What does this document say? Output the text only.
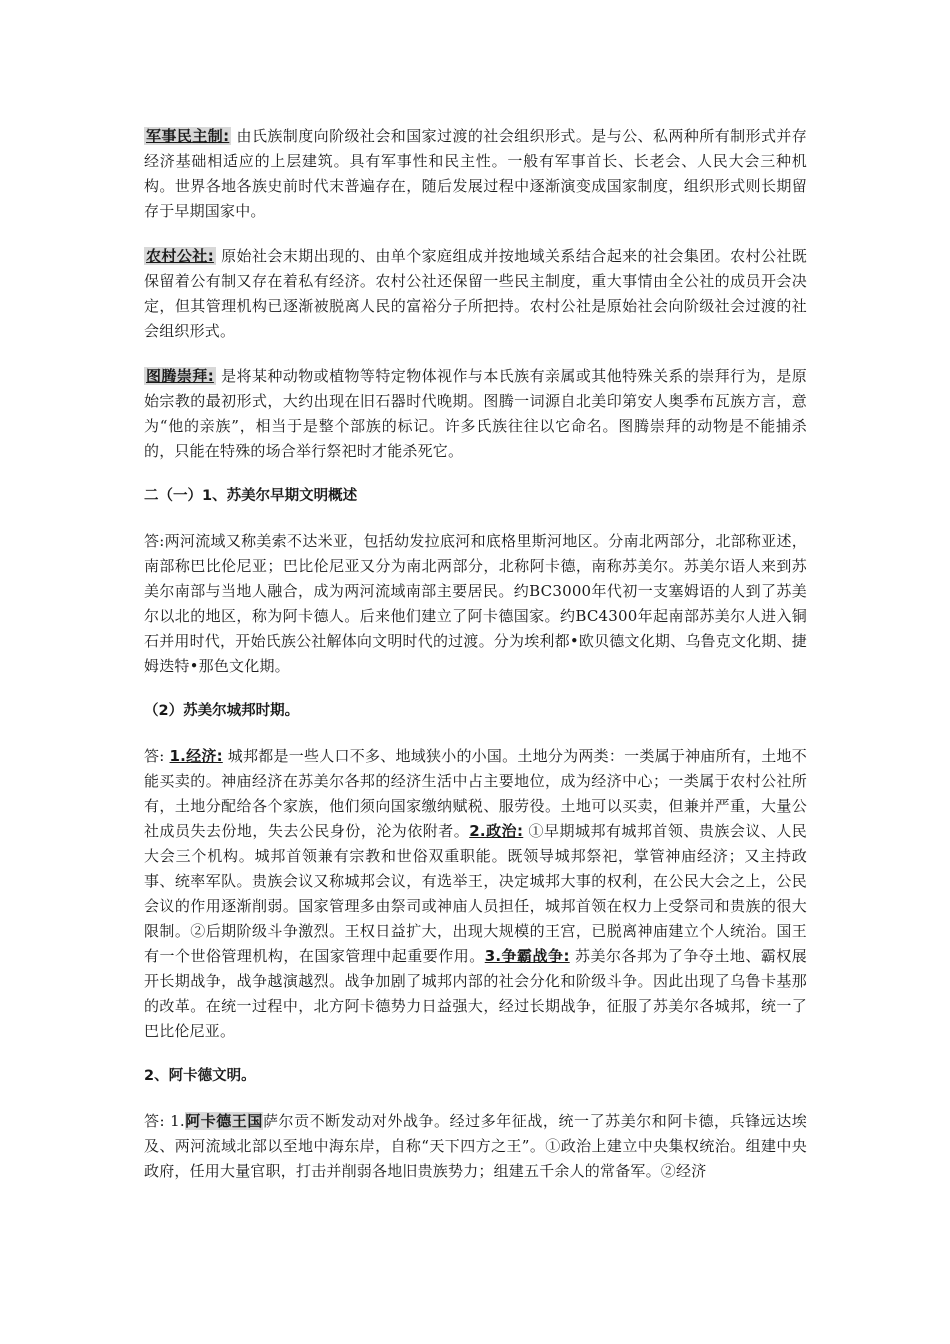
军事民主制: 由氏族制度向阶级社会和国家过渡的社会组织形式。是与公、私两种所有制形式并存经济基础相适应的上层建筑。具有军事性和民主性。一般有军事首长、长老会、人民大会三种机构。世界各地各族史前时代末普遍存在，随后发展过程中逐渐演变成国家制度，组织形式则长期留存于早期国家中。

农村公社: 原始社会末期出现的、由单个家庭组成并按地域关系结合起来的社会集团。农村公社既保留着公有制又存在着私有经济。农村公社还保留一些民主制度，重大事情由全公社的成员开会决定，但其管理机构已逐渐被脱离人民的富裕分子所把持。农村公社是原始社会向阶级社会过渡的社会组织形式。

图腾崇拜: 是将某种动物或植物等特定物体视作与本氏族有亲属或其他特殊关系的崇拜行为，是原始宗教的最初形式，大约出现在旧石器时代晚期。图腾一词源自北美印第安人奥季布瓦族方言，意为“他的亲族”，相当于是整个部族的标记。许多氏族往往以它命名。图腾崇拜的动物是不能捕杀的，只能在特殊的场合举行祭祀时才能杀死它。

二（一）1、苏美尔早期文明概述

答:两河流域又称美索不达米亚，包括幼发拉底河和底格里斯河地区。分南北两部分，北部称亚述，南部称巴比伦尼亚；巴比伦尼亚又分为南北两部分，北称阿卡德，南称苏美尔。苏美尔语人来到苏美尔南部与当地人融合，成为两河流域南部主要居民。约BC3000年代初一支塞姆语的人到了苏美尔以北的地区，称为阿卡德人。后来他们建立了阿卡德国家。约BC4300年起南部苏美尔人进入铜石并用时代，开始氏族公社解体向文明时代的过渡。分为埃利都•欧贝德文化期、乌鲁克文化期、捷姆迭特•那色文化期。

（2）苏美尔城邦时期。

答: 1.经济: 城邦都是一些人口不多、地域狭小的小国。土地分为两类：一类属于神庙所有，土地不能买卖的。神庙经济在苏美尔各邦的经济生活中占主要地位，成为经济中心；一类属于农村公社所有，土地分配给各个家族，他们须向国家缴纳赋税、服劳役。土地可以买卖，但兼并严重，大量公社成员失去份地，失去公民身份，沦为依附者。2.政治: ①早期城邦有城邦首领、贵族会议、人民大会三个机构。城邦首领兼有宗教和世俗双重职能。既领导城邦祭祀，掌管神庙经济；又主持政事、统率军队。贵族会议又称城邦会议，有选举王，决定城邦大事的权利，在公民大会之上，公民会议的作用逐渐削弱。国家管理多由祭司或神庙人员担任，城邦首领在权力上受祭司和贵族的很大限制。②后期阶级斗争激烈。王权日益扩大，出现大规模的王宫，已脱离神庙建立个人统治。国王有一个世俗管理机构，在国家管理中起重要作用。3.争霸战争: 苏美尔各邦为了争夺土地、霸权展开长期战争，战争越演越烈。战争加剧了城邦内部的社会分化和阶级斗争。因此出现了乌鲁卡基那的改革。在统一过程中，北方阿卡德势力日益强大，经过长期战争，征服了苏美尔各城邦，统一了巴比伦尼亚。

2、阿卡德文明。

答: 1.阿卡德王国萨尔贡不断发动对外战争。经过多年征战，统一了苏美尔和阿卡德，兵锋远达埃及、两河流域北部以至地中海东岸，自称“天下四方之王”。①政治上建立中央集权统治。组建中央政府，任用大量官职，打击并削弱各地旧贵族势力；组建五千余人的常备军。②经济
